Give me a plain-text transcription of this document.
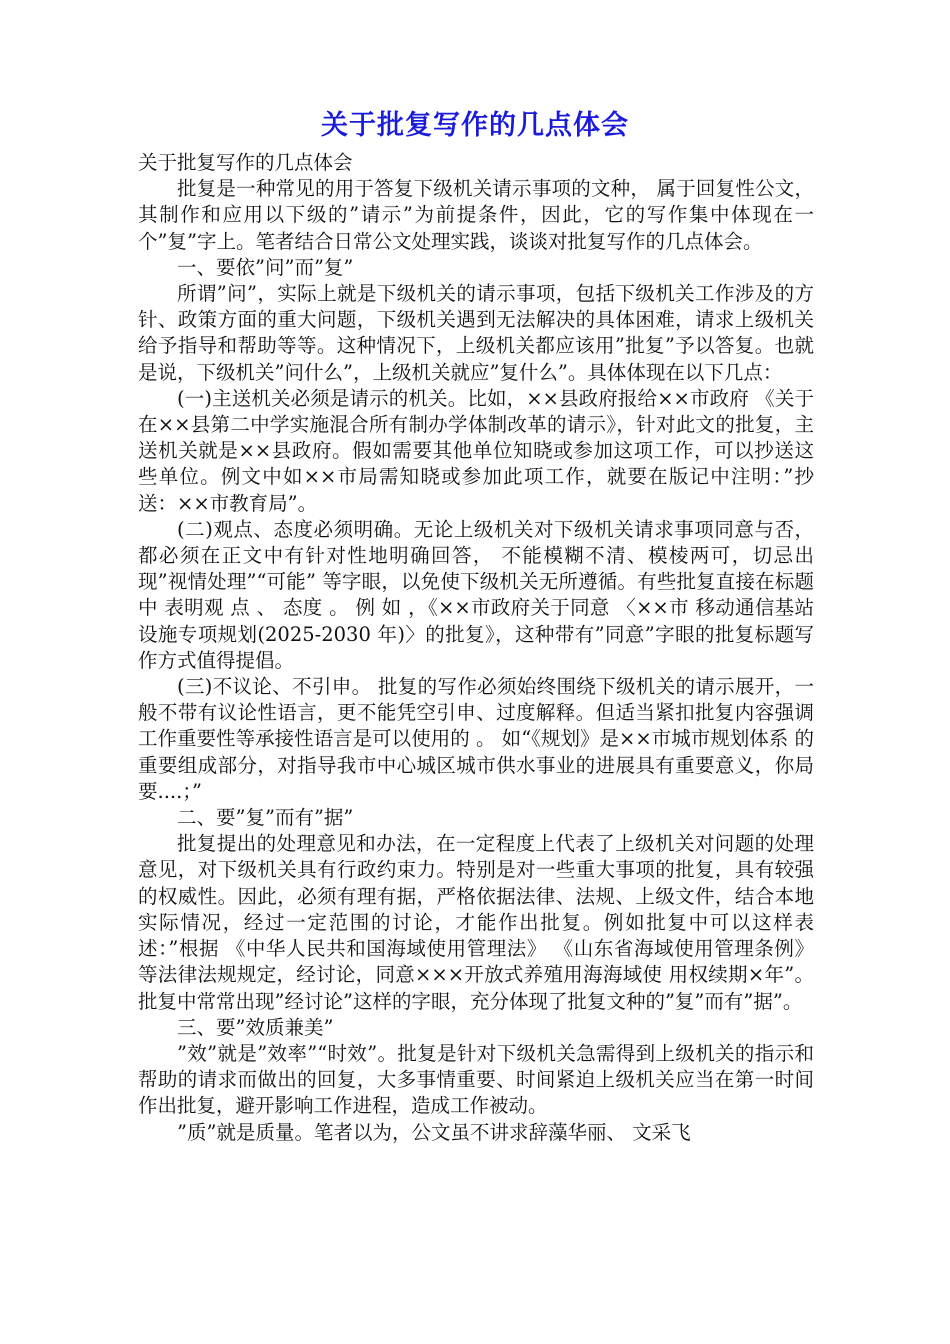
关于批复写作的几点体会

关于批复写作的几点体会

批复是一种常见的用于答复下级机关请示事项的文种， 属于回复性公文，其制作和应用以下级的”请示”为前提条件，因此，它的写作集中体现在一个”复”字上。笔者结合日常公文处理实践，谈谈对批复写作的几点体会。

一、要依”问”而”复”

所谓”问”，实际上就是下级机关的请示事项，包括下级机关工作涉及的方针、政策方面的重大问题，下级机关遇到无法解决的具体困难，请求上级机关给予指导和帮助等等。这种情况下，上级机关都应该用”批复”予以答复。也就是说，下级机关”问什么”，上级机关就应”复什么”。具体体现在以下几点：

(一)主送机关必须是请示的机关。比如，××县政府报给××市政府 《关于在××县第二中学实施混合所有制办学体制改革的请示》，针对此文的批复，主送机关就是××县政府。假如需要其他单位知晓或参加这项工作，可以抄送这些单位。例文中如××市局需知晓或参加此项工作，就要在版记中注明：”抄送：××市教育局”。

(二)观点、态度必须明确。无论上级机关对下级机关请求事项同意与否，都必须在正文中有针对性地明确回答， 不能模糊不清、模棱两可，切忌出现”视情处理”“可能” 等字眼，以免使下级机关无所遵循。有些批复直接在标题中 表明观 点 、 态度 。 例 如 ，《××市政府关于同意 〈××市 移动通信基站设施专项规划(2025-2030 年)〉的批复》，这种带有”同意”字眼的批复标题写作方式值得提倡。

(三)不议论、不引申。 批复的写作必须始终围绕下级机关的请示展开，一般不带有议论性语言，更不能凭空引申、过度解释。但适当紧扣批复内容强调工作重要性等承接性语言是可以使用的 。 如“《规划》是××市城市规划体系 的重要组成部分，对指导我市中心城区城市供水事业的进展具有重要意义，你局要....；”

二、要”复”而有”据”

批复提出的处理意见和办法，在一定程度上代表了上级机关对问题的处理意见，对下级机关具有行政约束力。特别是对一些重大事项的批复，具有较强的权威性。因此，必须有理有据，严格依据法律、法规、上级文件，结合本地实际情况，经过一定范围的讨论，才能作出批复。例如批复中可以这样表述：”根据 《中华人民共和国海域使用管理法》 《山东省海域使用管理条例》 等法律法规规定，经讨论，同意×××开放式养殖用海海域使 用权续期×年”。批复中常常出现”经讨论”这样的字眼，充分体现了批复文种的”复”而有”据”。

三、要”效质兼美”

”效”就是”效率”“时效”。批复是针对下级机关急需得到上级机关的指示和帮助的请求而做出的回复，大多事情重要、时间紧迫上级机关应当在第一时间作出批复，避开影响工作进程，造成工作被动。

”质”就是质量。笔者以为，公文虽不讲求辞藻华丽、 文采飞
